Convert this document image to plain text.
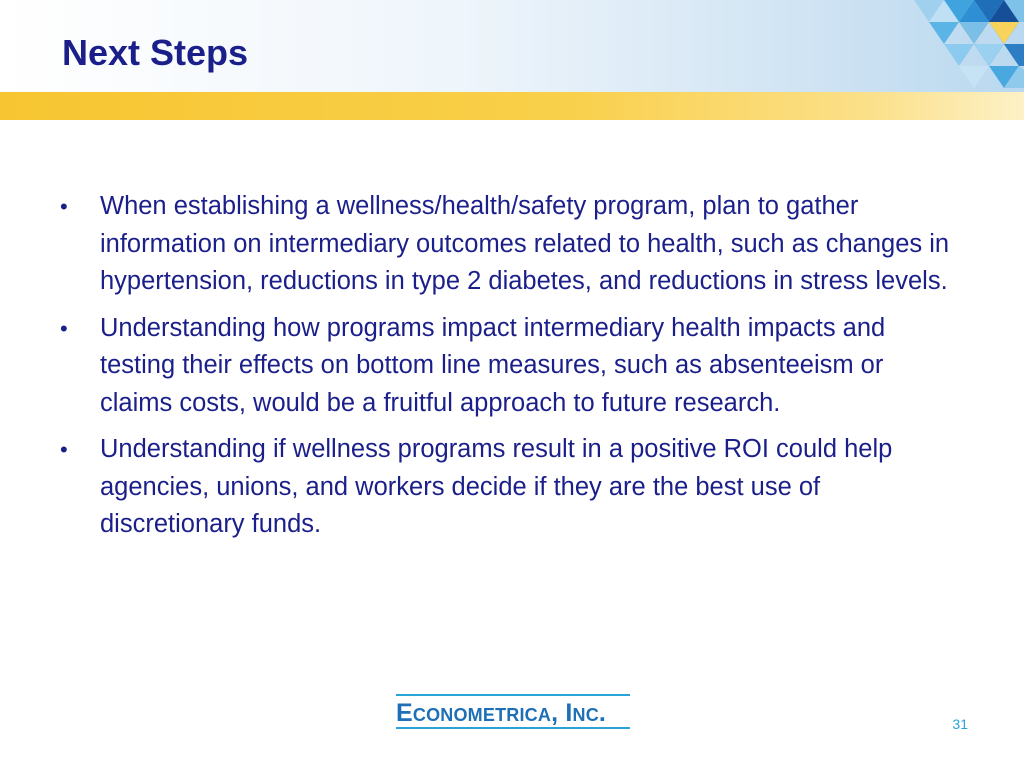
Next Steps
• When establishing a wellness/health/safety program, plan to gather information on intermediary outcomes related to health, such as changes in hypertension, reductions in type 2 diabetes, and reductions in stress levels.
• Understanding how programs impact intermediary health impacts and testing their effects on bottom line measures, such as absenteeism or claims costs, would be a fruitful approach to future research.
• Understanding if wellness programs result in a positive ROI could help agencies, unions, and workers decide if they are the best use of discretionary funds.
Econometrica, Inc.	31
